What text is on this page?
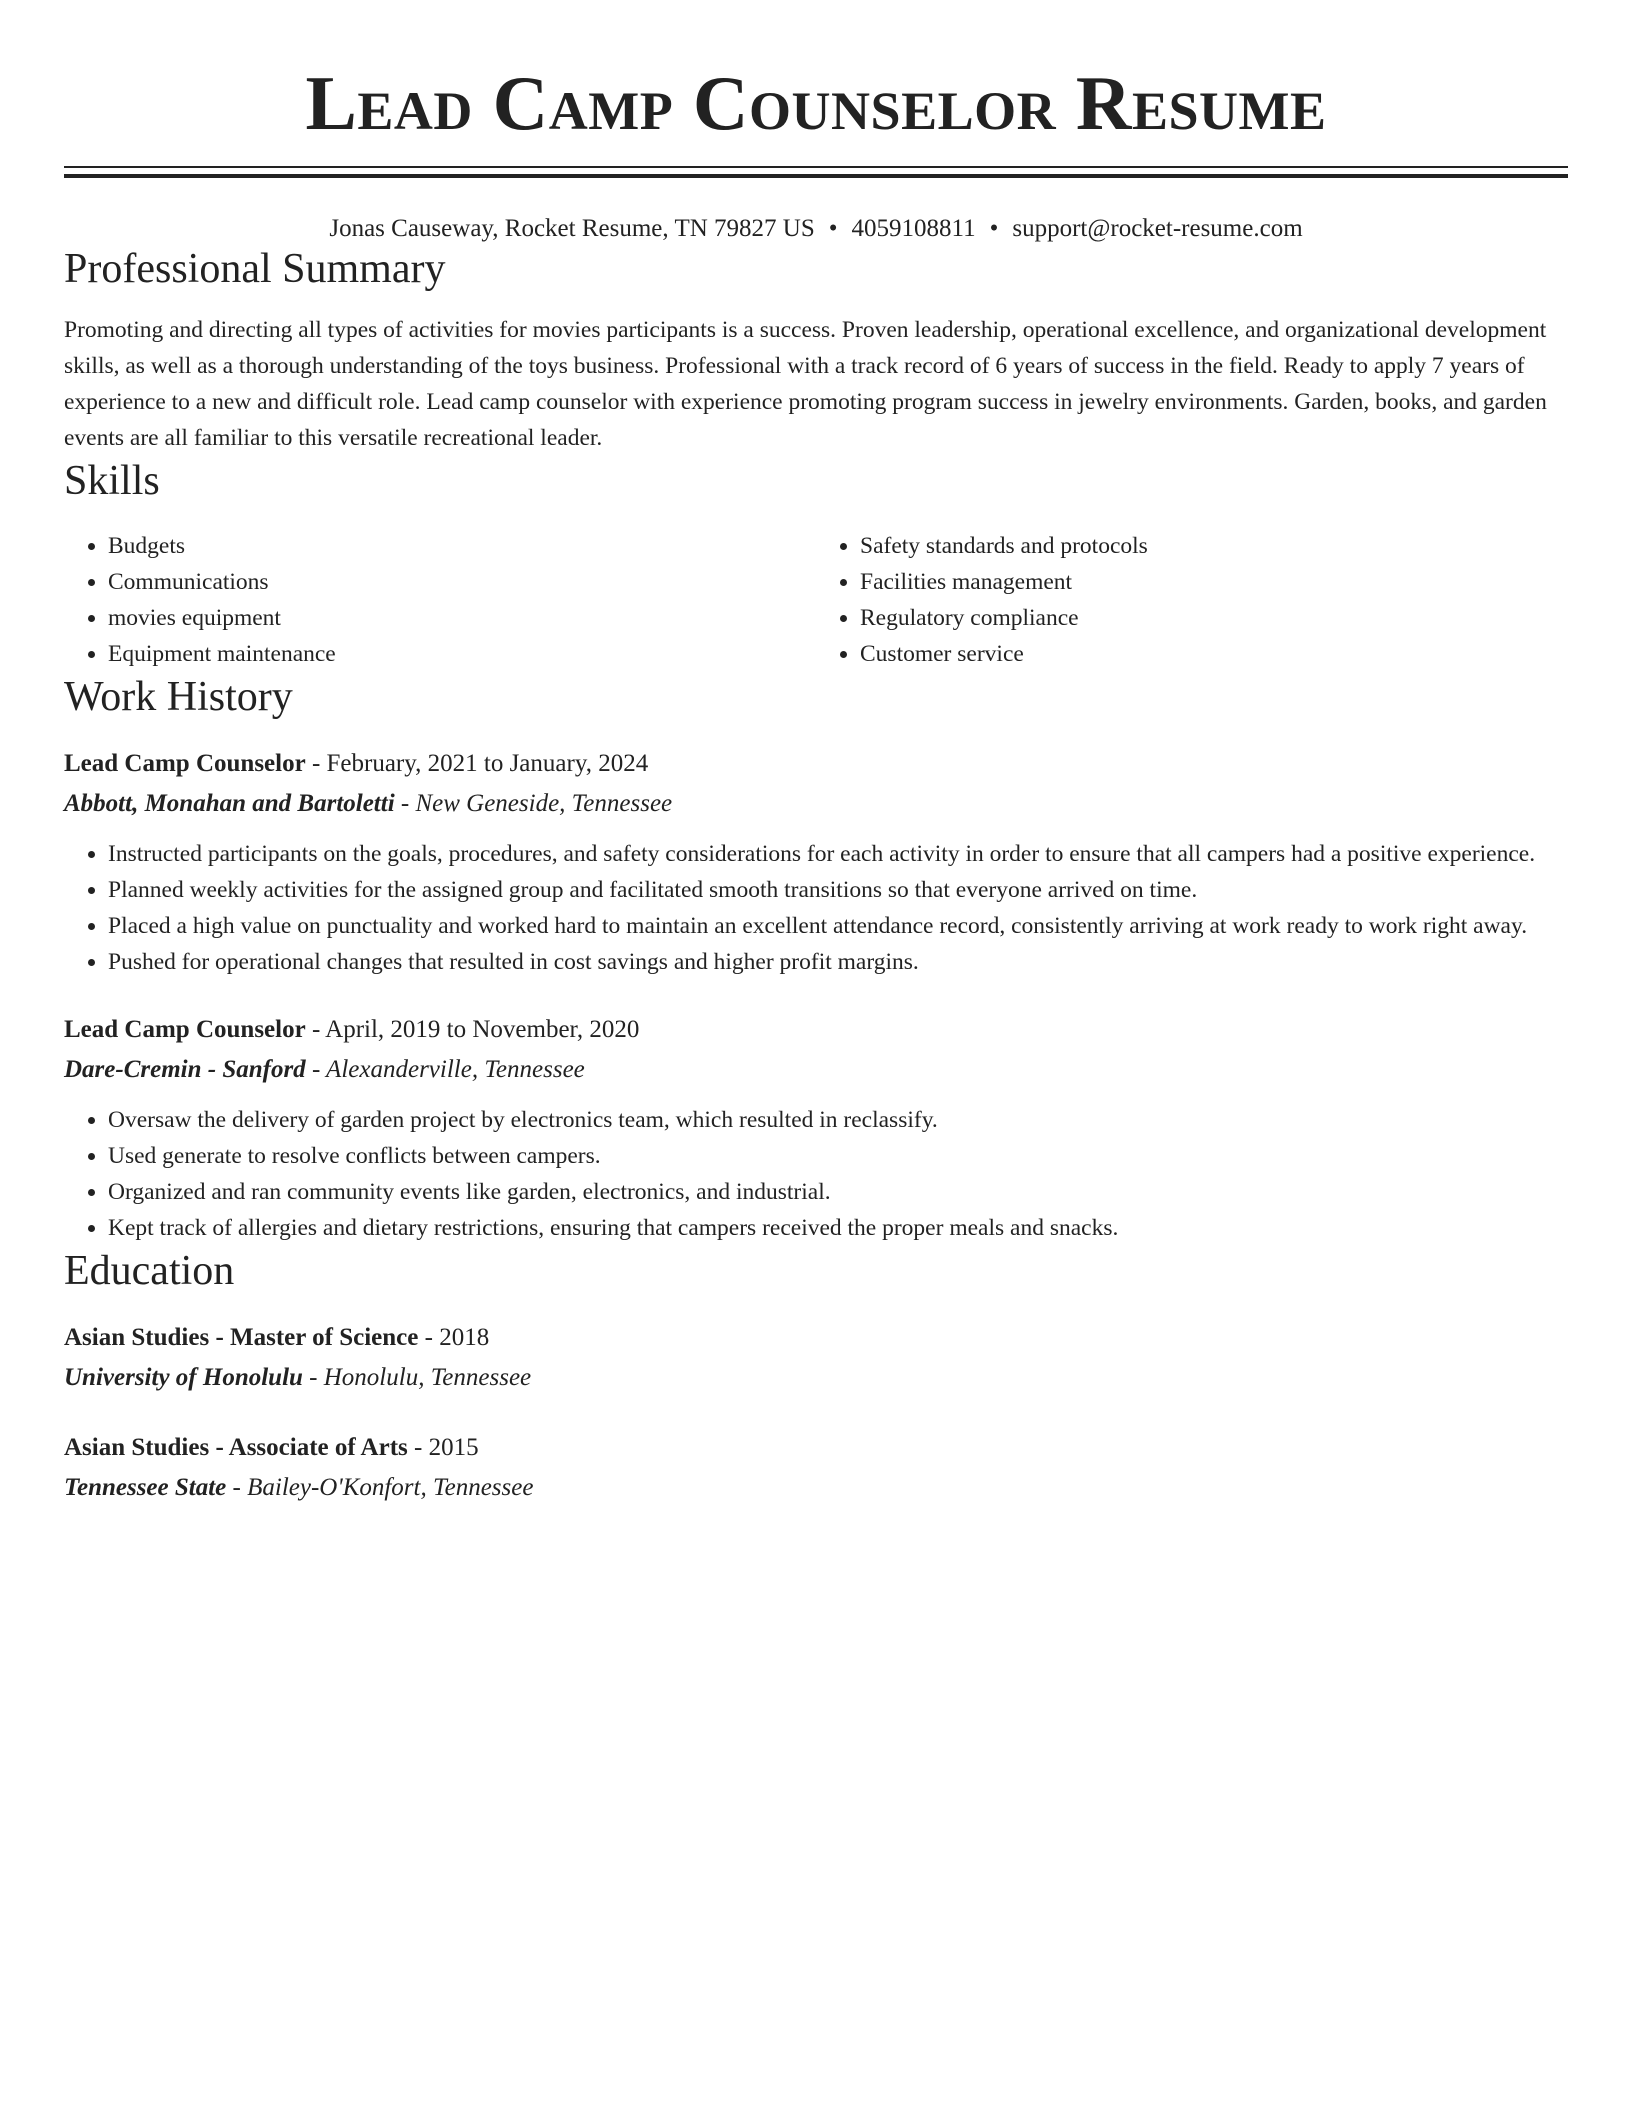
Lead Camp Counselor Resume
Jonas Causeway, Rocket Resume, TN 79827 US • 4059108811 • support@rocket-resume.com
Professional Summary

Promoting and directing all types of activities for movies participants is a success. Proven leadership, operational excellence, and organizational development skills, as well as a thorough understanding of the toys business. Professional with a track record of 6 years of success in the field. Ready to apply 7 years of experience to a new and difficult role. Lead camp counselor with experience promoting program success in jewelry environments. Garden, books, and garden events are all familiar to this versatile recreational leader.

Skills
• Budgets
• Communications
• movies equipment
• Equipment maintenance
• Safety standards and protocols
• Facilities management
• Regulatory compliance
• Customer service
Work History
Lead Camp Counselor - February, 2021 to January, 2024
Abbott, Monahan and Bartoletti - New Geneside, Tennessee
• Instructed participants on the goals, procedures, and safety considerations for each activity in order to ensure that all campers had a positive experience.
• Planned weekly activities for the assigned group and facilitated smooth transitions so that everyone arrived on time.
• Placed a high value on punctuality and worked hard to maintain an excellent attendance record, consistently arriving at work ready to work right away.
• Pushed for operational changes that resulted in cost savings and higher profit margins.
Lead Camp Counselor - April, 2019 to November, 2020
Dare-Cremin - Sanford - Alexanderville, Tennessee
• Oversaw the delivery of garden project by electronics team, which resulted in reclassify.
• Used generate to resolve conflicts between campers.
• Organized and ran community events like garden, electronics, and industrial.
• Kept track of allergies and dietary restrictions, ensuring that campers received the proper meals and snacks.
Education
Asian Studies - Master of Science - 2018
University of Honolulu - Honolulu, Tennessee
Asian Studies - Associate of Arts - 2015
Tennessee State - Bailey-O'Konfort, Tennessee
